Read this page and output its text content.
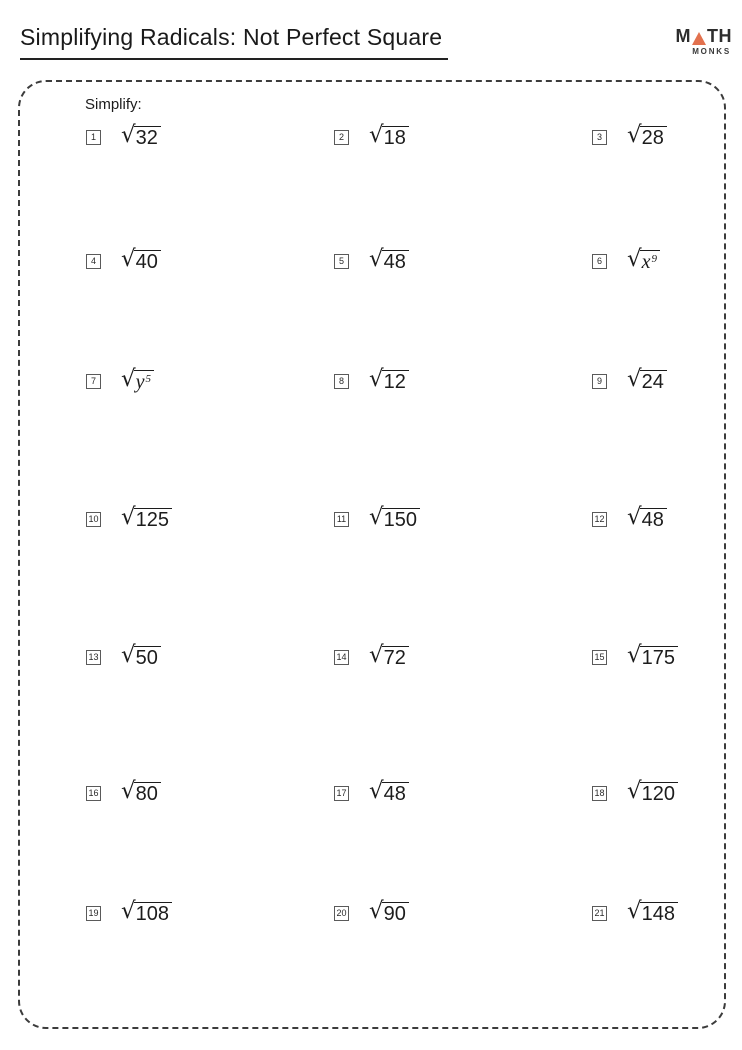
Simplifying Radicals: Not Perfect Square	M TH
MONKS
Simplify:
1 √ 32	2 √ 18	3 √ 28
4 √ 40	5 √ 48	6 √ x9
7 √ y5	8 √ 12	9 √ 24
10 √ 125	11 √ 150	12 √ 48
13 √ 50	14 √ 72	15 √ 175
16 √ 80	17 √ 48	18 √ 120
19 √ 108	20 √ 90	21 √ 148
